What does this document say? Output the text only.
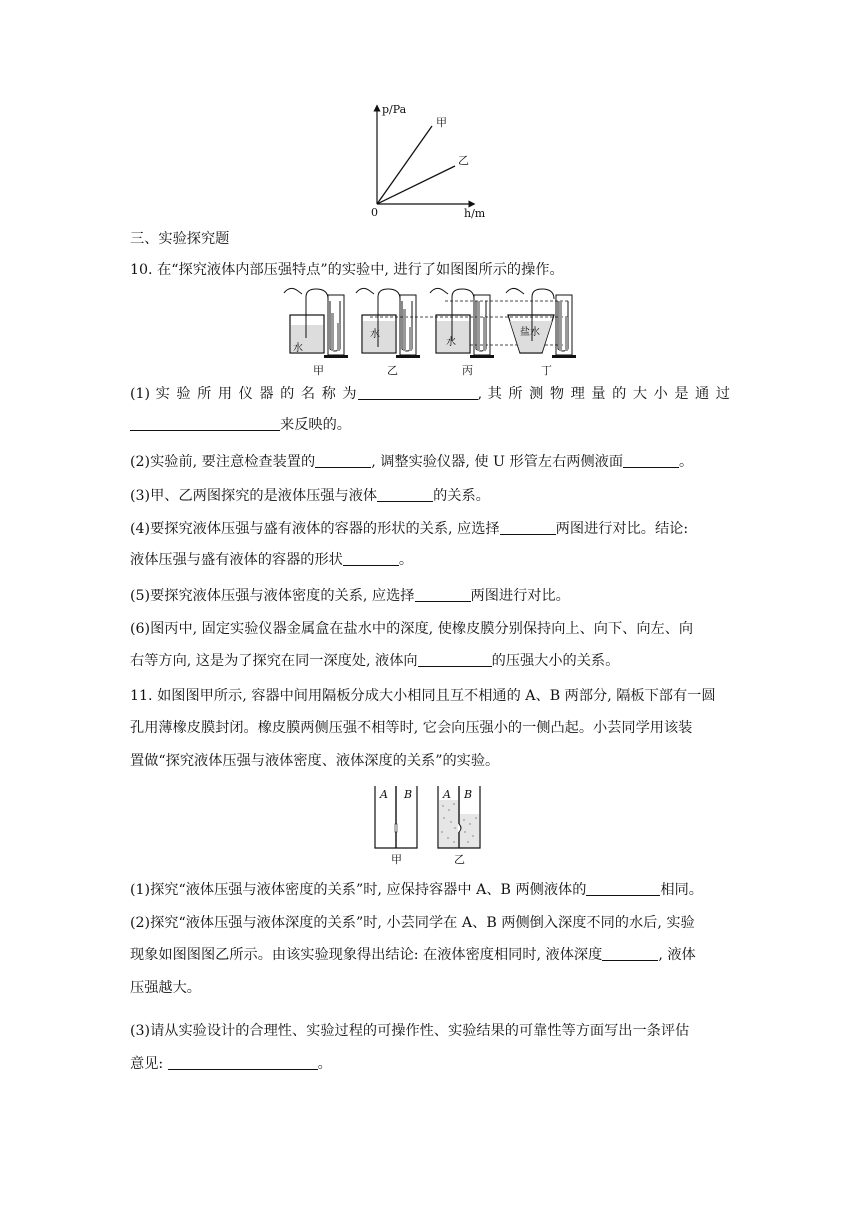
p/Pa
h/m
0
甲
乙
三、实验探究题
10. 在“探究液体内部压强特点”的实验中, 进行了如图图所示的操作。
水
水
水
盐水
甲	乙	丙	丁
(1) 实 验 所 用 仪 器 的 名 称 为	, 其 所 测 物 理 量 的 大 小 是 通 过
来反映的。
(2)实验前, 要注意检查装置的	, 调整实验仪器, 使 U 形管左右两侧液面	。
(3)甲、乙两图探究的是液体压强与液体	的关系。
(4)要探究液体压强与盛有液体的容器的形状的关系, 应选择	两图进行对比。结论:
液体压强与盛有液体的容器的形状	。
(5)要探究液体压强与液体密度的关系, 应选择	两图进行对比。
(6)图丙中, 固定实验仪器金属盒在盐水中的深度, 使橡皮膜分别保持向上、向下、向左、向
右等方向, 这是为了探究在同一深度处, 液体向	的压强大小的关系。
11. 如图图甲所示, 容器中间用隔板分成大小相同且互不相通的 A、B 两部分, 隔板下部有一圆
孔用薄橡皮膜封闭。橡皮膜两侧压强不相等时, 它会向压强小的一侧凸起。小芸同学用该装
置做“探究液体压强与液体密度、液体深度的关系”的实验。
A B	A B
甲	乙
(1)探究“液体压强与液体密度的关系”时, 应保持容器中 A、B 两侧液体的	相同。
(2)探究“液体压强与液体深度的关系”时, 小芸同学在 A、B 两侧倒入深度不同的水后, 实验
现象如图图图乙所示。由该实验现象得出结论: 在液体密度相同时, 液体深度	, 液体
压强越大。
(3)请从实验设计的合理性、实验过程的可操作性、实验结果的可靠性等方面写出一条评估
意见:	。
